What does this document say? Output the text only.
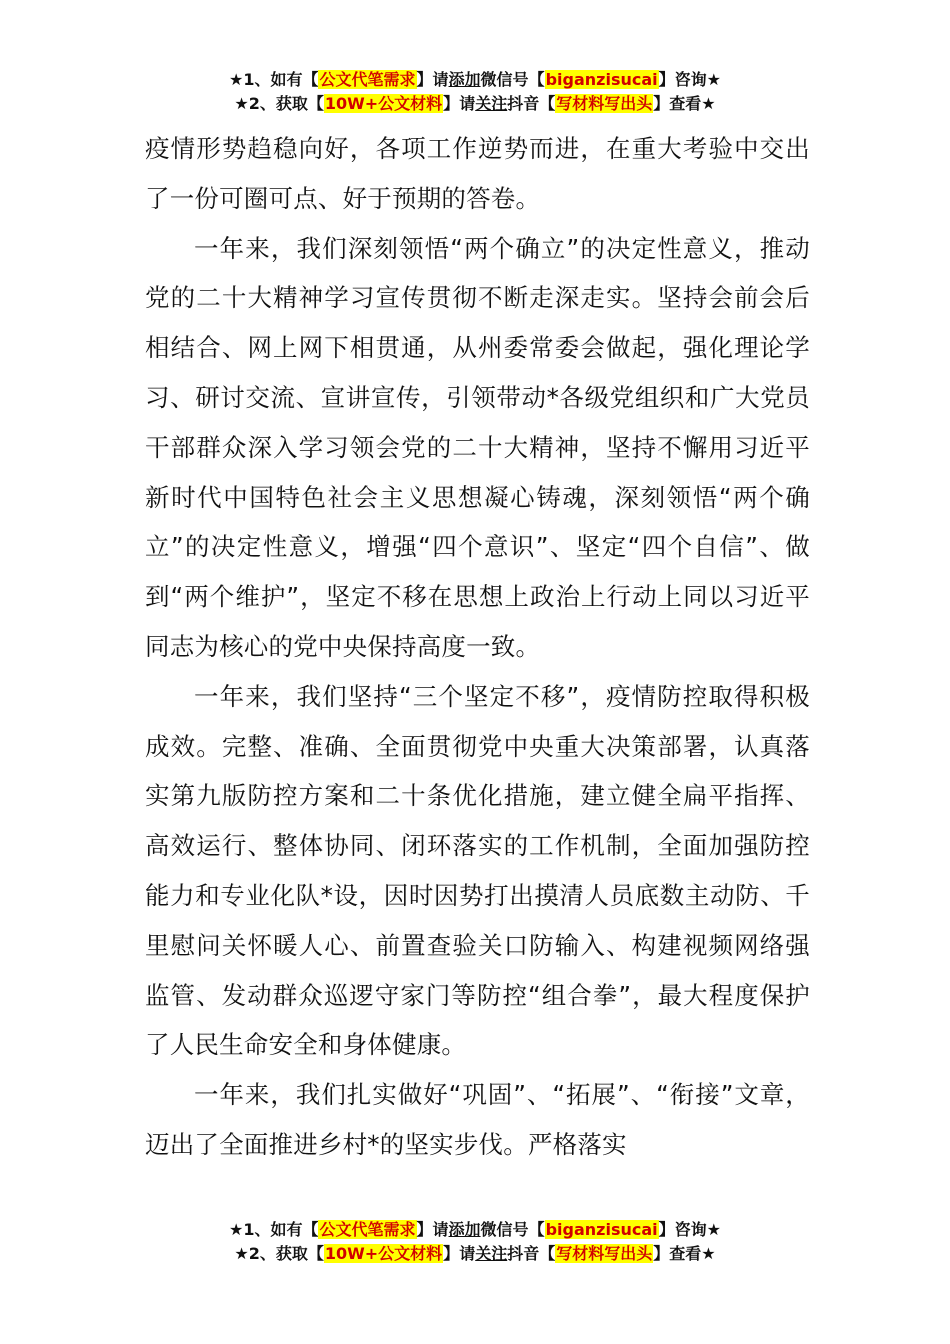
★1、如有【公文代笔需求】请添加微信号【biganzisucai】咨询★
★2、获取【10W+公文材料】请关注抖音【写材料写出头】查看★

疫情形势趋稳向好，各项工作逆势而进，在重大考验中交出了一份可圈可点、好于预期的答卷。

一年来，我们深刻领悟“两个确立”的决定性意义，推动党的二十大精神学习宣传贯彻不断走深走实。坚持会前会后相结合、网上网下相贯通，从州委常委会做起，强化理论学习、研讨交流、宣讲宣传，引领带动*各级党组织和广大党员干部群众深入学习领会党的二十大精神，坚持不懈用习近平新时代中国特色社会主义思想凝心铸魂，深刻领悟“两个确立”的决定性意义，增强“四个意识”、坚定“四个自信”、做到“两个维护”，坚定不移在思想上政治上行动上同以习近平同志为核心的党中央保持高度一致。

一年来，我们坚持“三个坚定不移”，疫情防控取得积极成效。完整、准确、全面贯彻党中央重大决策部署，认真落实第九版防控方案和二十条优化措施，建立健全扁平指挥、高效运行、整体协同、闭环落实的工作机制，全面加强防控能力和专业化队*设，因时因势打出摸清人员底数主动防、千里慰问关怀暖人心、前置查验关口防输入、构建视频网络强监管、发动群众巡逻守家门等防控“组合拳”，最大程度保护了人民生命安全和身体健康。

一年来，我们扎实做好“巩固”、“拓展”、“衔接”文章，迈出了全面推进乡村*的坚实步伐。严格落实

★1、如有【公文代笔需求】请添加微信号【biganzisucai】咨询★
★2、获取【10W+公文材料】请关注抖音【写材料写出头】查看★
